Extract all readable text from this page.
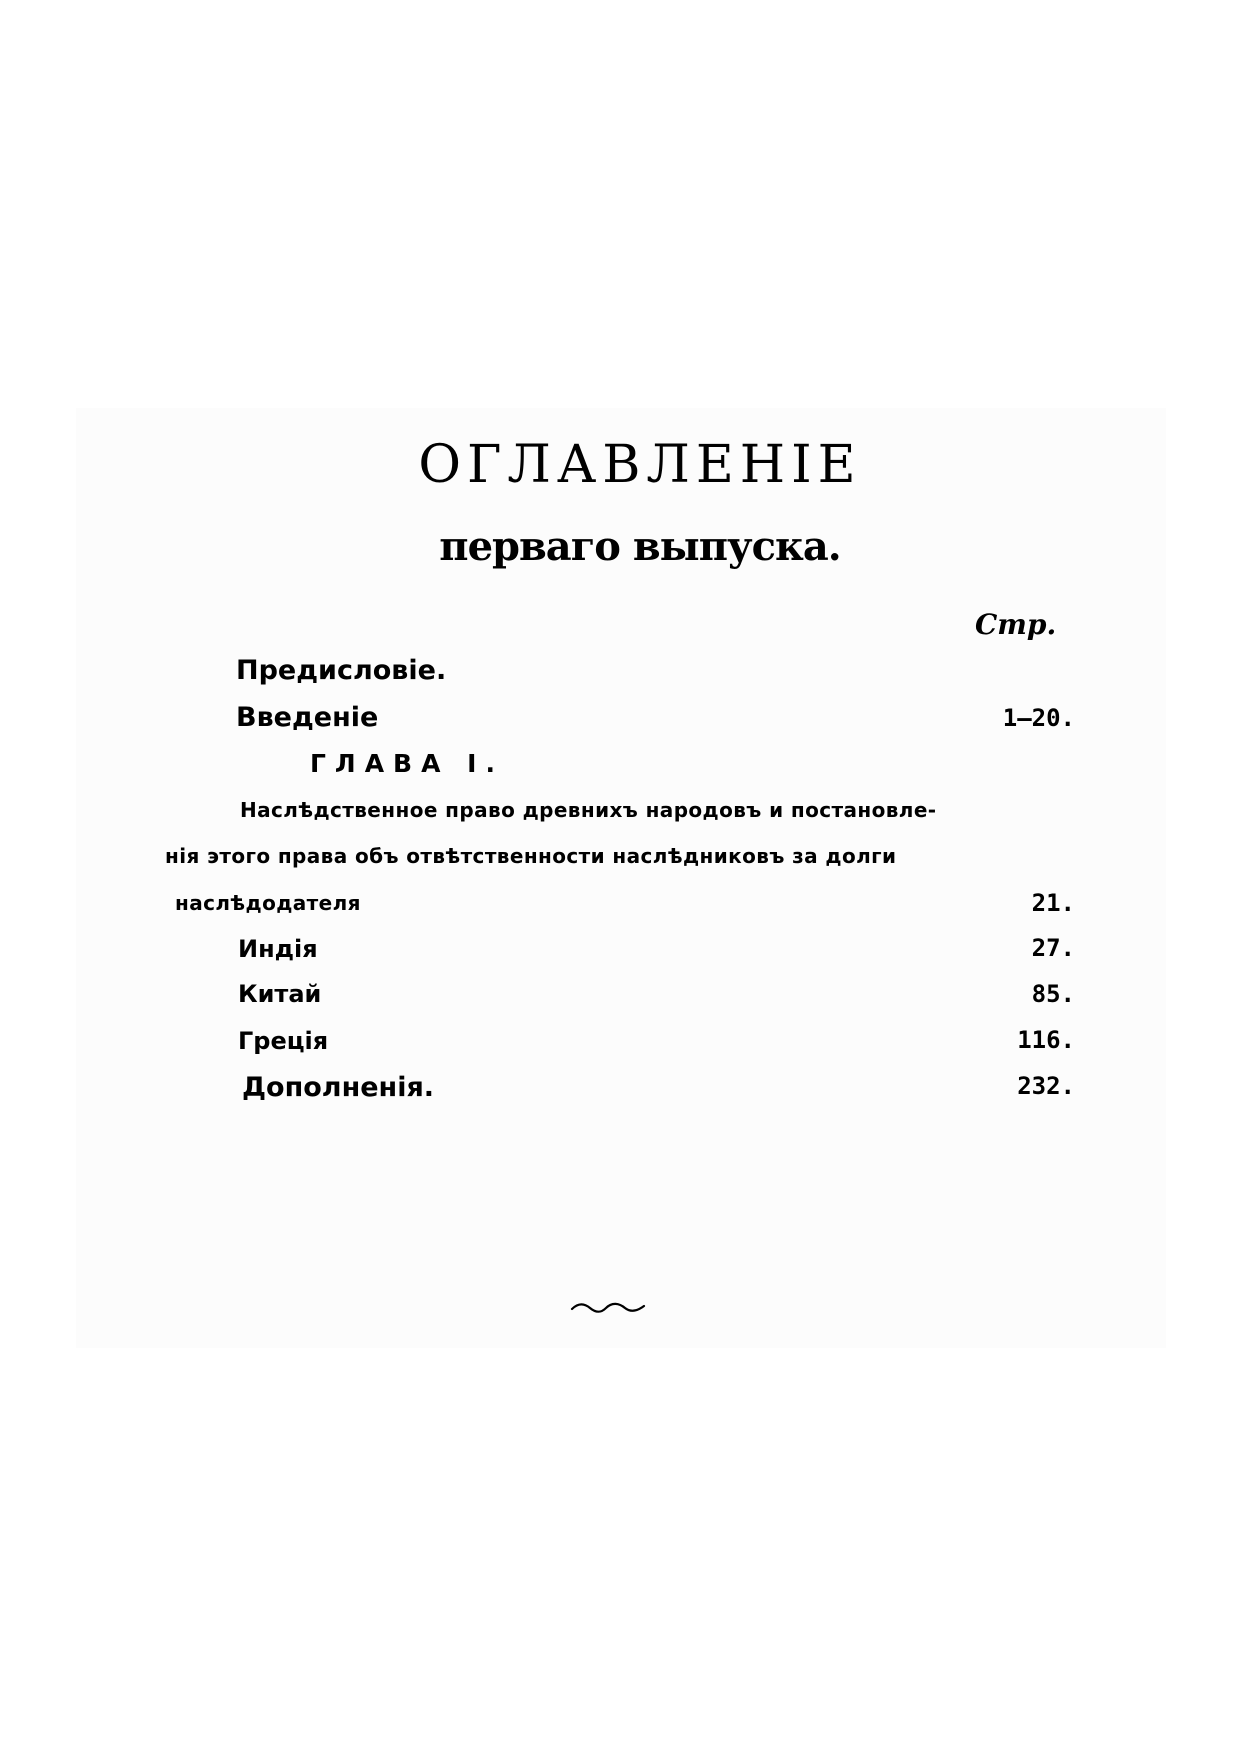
ОГЛАВЛЕНІЕ
перваго выпуска.
Стр.
Предисловіе.
Введеніе	1—20.
ГЛАВА I.
Наслѣдственное право древнихъ народовъ и постановле-
нія этого права объ отвѣтственности наслѣдниковъ за долги
наслѣдодателя	21.
Индія	27.
Китай	85.
Греція	116.
Дополненія.	232.
